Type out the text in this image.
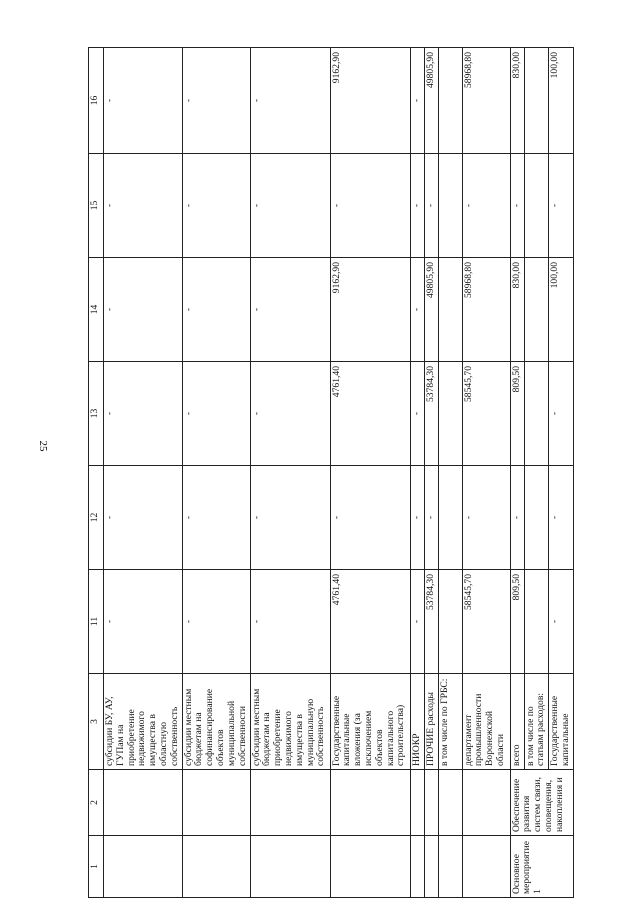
25
1	2	3	11	12	13	14	15	16
		субсидии БУ, АУ, ГУПам на приобретение недвижимого имущества в областную собственность	-	-	-	-	-	-
		субсидии местным бюджетам на софинансирование объектов муниципальной собственности	-	-	-	-	-	-
		субсидии местным бюджетам на приобретение недвижимого имущества в муниципальную собственность	-	-	-	-	-	-
		Государственные капитальные вложения (за исключением объектов капитального строительства)	4761,40	-	4761,40	9162,90	-	9162,90
		НИОКР	-	-	-	-	-	-
		ПРОЧИЕ расходы	53784,30	-	53784,30	49805,90	-	49805,90
		в том числе по ГРБС:						
		департамент промышленности Воронежской области	58545,70	-	58545,70	58968,80	-	58968,80
Основное мероприятие 1	Обеспечение развития систем связи, оповещения, накопления и	всего	809,50	-	809,50	830,00	-	830,00
		в том числе по статьям расходов:						
		Государственные капитальные	-	-	-	100,00	-	100,00
